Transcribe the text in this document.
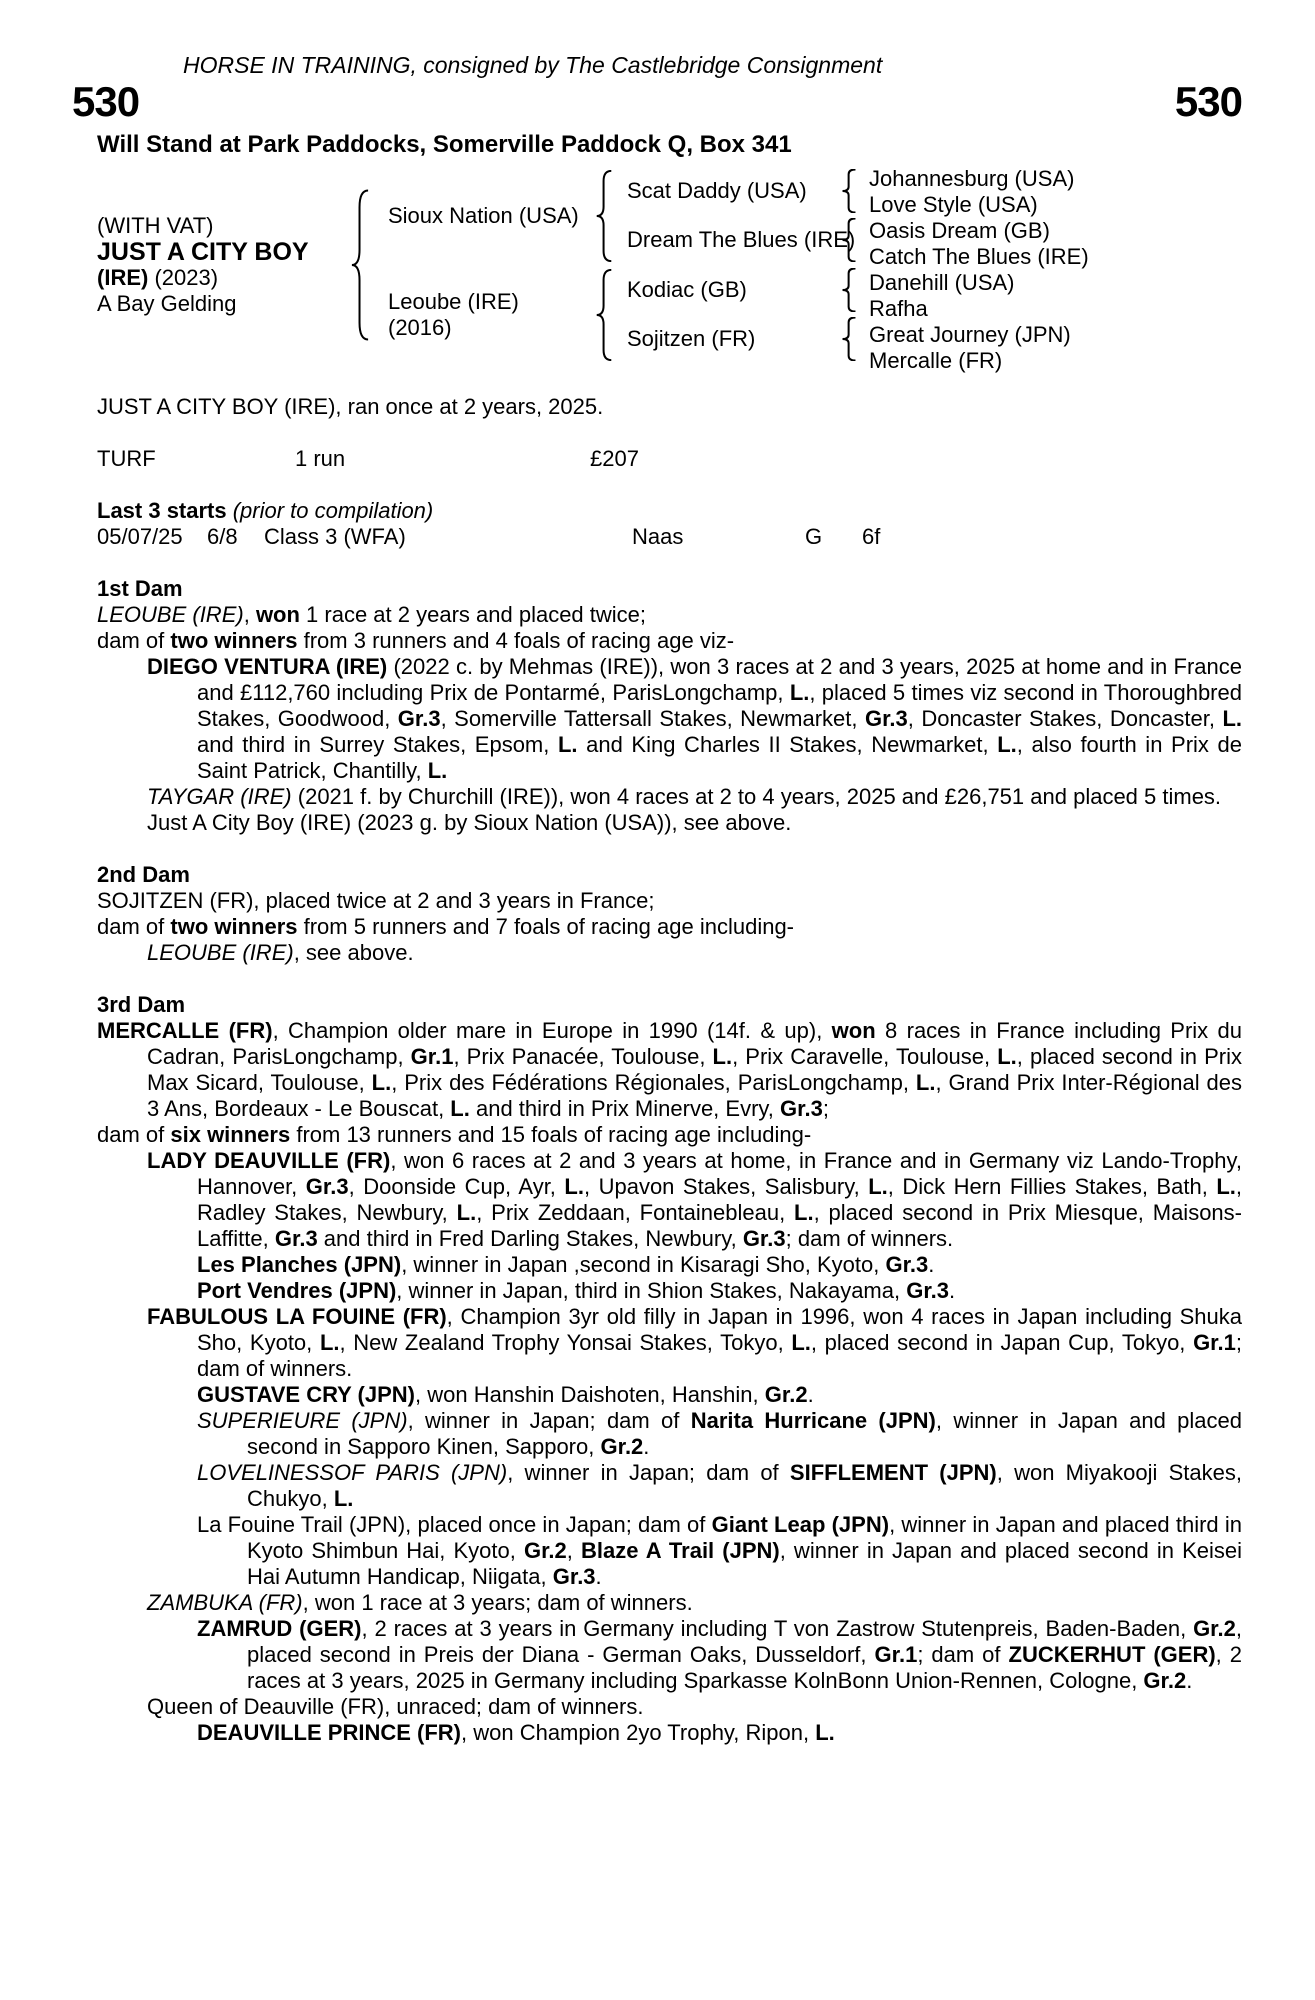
HORSE IN TRAINING, consigned by The Castlebridge Consignment
530	530
Will Stand at Park Paddocks, Somerville Paddock Q, Box 341
(WITH VAT)
JUST A CITY BOY
(IRE) (2023)
A Bay Gelding
Sioux Nation (USA)
Leoube (IRE)
(2016)
Scat Daddy (USA)
Dream The Blues (IRE)
Kodiac (GB)
Sojitzen (FR)
Johannesburg (USA)
Love Style (USA)
Oasis Dream (GB)
Catch The Blues (IRE)
Danehill (USA)
Rafha
Great Journey (JPN)
Mercalle (FR)
JUST A CITY BOY (IRE), ran once at 2 years, 2025.
TURF	1 run	£207
Last 3 starts (prior to compilation)
05/07/25	6/8	Class 3 (WFA)	Naas	G	6f
1st Dam
LEOUBE (IRE), won 1 race at 2 years and placed twice;
dam of two winners from 3 runners and 4 foals of racing age viz-
DIEGO VENTURA (IRE) (2022 c. by Mehmas (IRE)), won 3 races at 2 and 3 years, 2025 at home and in France and £112,760 including Prix de Pontarmé, ParisLongchamp, L., placed 5 times viz second in Thoroughbred Stakes, Goodwood, Gr.3, Somerville Tattersall Stakes, Newmarket, Gr.3, Doncaster Stakes, Doncaster, L. and third in Surrey Stakes, Epsom, L. and King Charles II Stakes, Newmarket, L., also fourth in Prix de Saint Patrick, Chantilly, L.
TAYGAR (IRE) (2021 f. by Churchill (IRE)), won 4 races at 2 to 4 years, 2025 and £26,751 and placed 5 times.
Just A City Boy (IRE) (2023 g. by Sioux Nation (USA)), see above.
2nd Dam
SOJITZEN (FR), placed twice at 2 and 3 years in France;
dam of two winners from 5 runners and 7 foals of racing age including-
LEOUBE (IRE), see above.
3rd Dam
MERCALLE (FR), Champion older mare in Europe in 1990 (14f. & up), won 8 races in France including Prix du Cadran, ParisLongchamp, Gr.1, Prix Panacée, Toulouse, L., Prix Caravelle, Toulouse, L., placed second in Prix Max Sicard, Toulouse, L., Prix des Fédérations Régionales, ParisLongchamp, L., Grand Prix Inter-Régional des 3 Ans, Bordeaux - Le Bouscat, L. and third in Prix Minerve, Evry, Gr.3;
dam of six winners from 13 runners and 15 foals of racing age including-
LADY DEAUVILLE (FR), won 6 races at 2 and 3 years at home, in France and in Germany viz Lando-Trophy, Hannover, Gr.3, Doonside Cup, Ayr, L., Upavon Stakes, Salisbury, L., Dick Hern Fillies Stakes, Bath, L., Radley Stakes, Newbury, L., Prix Zeddaan, Fontainebleau, L., placed second in Prix Miesque, Maisons-Laffitte, Gr.3 and third in Fred Darling Stakes, Newbury, Gr.3; dam of winners.
Les Planches (JPN), winner in Japan ,second in Kisaragi Sho, Kyoto, Gr.3.
Port Vendres (JPN), winner in Japan, third in Shion Stakes, Nakayama, Gr.3.
FABULOUS LA FOUINE (FR), Champion 3yr old filly in Japan in 1996, won 4 races in Japan including Shuka Sho, Kyoto, L., New Zealand Trophy Yonsai Stakes, Tokyo, L., placed second in Japan Cup, Tokyo, Gr.1; dam of winners.
GUSTAVE CRY (JPN), won Hanshin Daishoten, Hanshin, Gr.2.
SUPERIEURE (JPN), winner in Japan; dam of Narita Hurricane (JPN), winner in Japan and placed second in Sapporo Kinen, Sapporo, Gr.2.
LOVELINESSOF PARIS (JPN), winner in Japan; dam of SIFFLEMENT (JPN), won Miyakooji Stakes, Chukyo, L.
La Fouine Trail (JPN), placed once in Japan; dam of Giant Leap (JPN), winner in Japan and placed third in Kyoto Shimbun Hai, Kyoto, Gr.2, Blaze A Trail (JPN), winner in Japan and placed second in Keisei Hai Autumn Handicap, Niigata, Gr.3.
ZAMBUKA (FR), won 1 race at 3 years; dam of winners.
ZAMRUD (GER), 2 races at 3 years in Germany including T von Zastrow Stutenpreis, Baden-Baden, Gr.2, placed second in Preis der Diana - German Oaks, Dusseldorf, Gr.1; dam of ZUCKERHUT (GER), 2 races at 3 years, 2025 in Germany including Sparkasse KolnBonn Union-Rennen, Cologne, Gr.2.
Queen of Deauville (FR), unraced; dam of winners.
DEAUVILLE PRINCE (FR), won Champion 2yo Trophy, Ripon, L.
